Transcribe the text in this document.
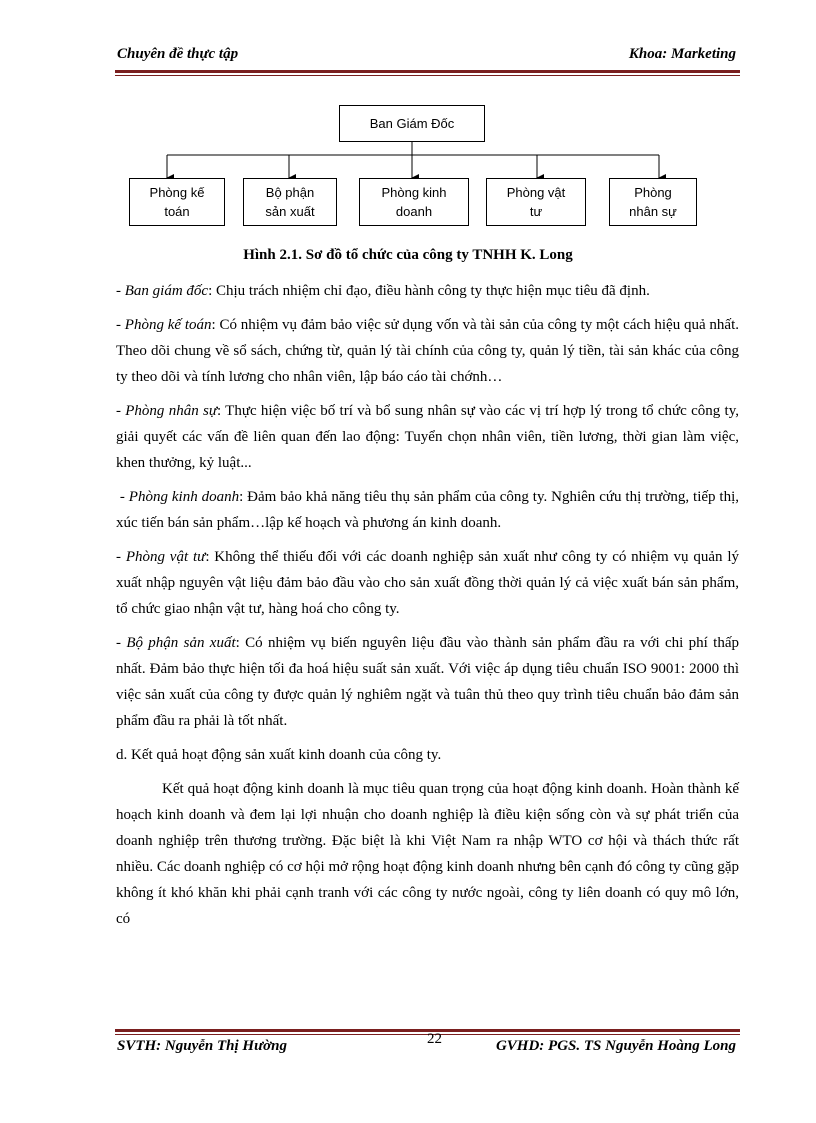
Chuyên đề thực tập	Khoa: Marketing
Ban Giám Đốc
Phòng kế
toán
Bộ phận
sản xuất
Phòng kinh
doanh
Phòng vật
tư
Phòng
nhân sự
Hình 2.1. Sơ đồ tổ chức của công ty TNHH K. Long

- Ban giám đốc: Chịu trách nhiệm chỉ đạo, điều hành công ty thực hiện mục tiêu đã định.

- Phòng kế toán: Có nhiệm vụ đảm bảo việc sử dụng vốn và tài sản của công ty một cách hiệu quả nhất. Theo dõi chung về sổ sách, chứng từ, quản lý tài chính của công ty, quản lý tiền, tài sản khác của công ty theo dõi và tính lương cho nhân viên, lập báo cáo tài chớnh…

- Phòng nhân sự: Thực hiện việc bố trí và bổ sung nhân sự vào các vị trí hợp lý trong tổ chức công ty, giải quyết các vấn đề liên quan đến lao động: Tuyển chọn nhân viên, tiền lương, thời gian làm việc, khen thưởng, kỷ luật...

- Phòng kinh doanh: Đảm bảo khả năng tiêu thụ sản phẩm của công ty. Nghiên cứu thị trường, tiếp thị, xúc tiến bán sản phẩm…lập kế hoạch và phương án kinh doanh.

- Phòng vật tư: Không thể thiếu đối với các doanh nghiệp sản xuất như công ty có nhiệm vụ quản lý xuất nhập nguyên vật liệu đảm bảo đầu vào cho sản xuất đồng thời quản lý cả việc xuất bán sản phẩm, tổ chức giao nhận vật tư, hàng hoá cho công ty.

- Bộ phận sản xuất: Có nhiệm vụ biến nguyên liệu đầu vào thành sản phẩm đầu ra với chi phí thấp nhất. Đảm bảo thực hiện tối đa hoá hiệu suất sản xuất. Với việc áp dụng tiêu chuẩn ISO 9001: 2000 thì việc sản xuất của công ty được quản lý nghiêm ngặt và tuân thủ theo quy trình tiêu chuẩn bảo đảm sản phẩm đầu ra phải là tốt nhất.

d. Kết quả hoạt động sản xuất kinh doanh của công ty.

Kết quả hoạt động kinh doanh là mục tiêu quan trọng của hoạt động kinh doanh. Hoàn thành kế hoạch kinh doanh và đem lại lợi nhuận cho doanh nghiệp là điều kiện sống còn và sự phát triển của doanh nghiệp trên thương trường. Đặc biệt là khi Việt Nam ra nhập WTO cơ hội và thách thức rất nhiều. Các doanh nghiệp có cơ hội mở rộng hoạt động kinh doanh nhưng bên cạnh đó công ty cũng gặp không ít khó khăn khi phải cạnh tranh với các công ty nước ngoài, công ty liên doanh có quy mô lớn, có

SVTH: Nguyễn Thị Hường	22	GVHD: PGS. TS Nguyễn Hoàng Long
